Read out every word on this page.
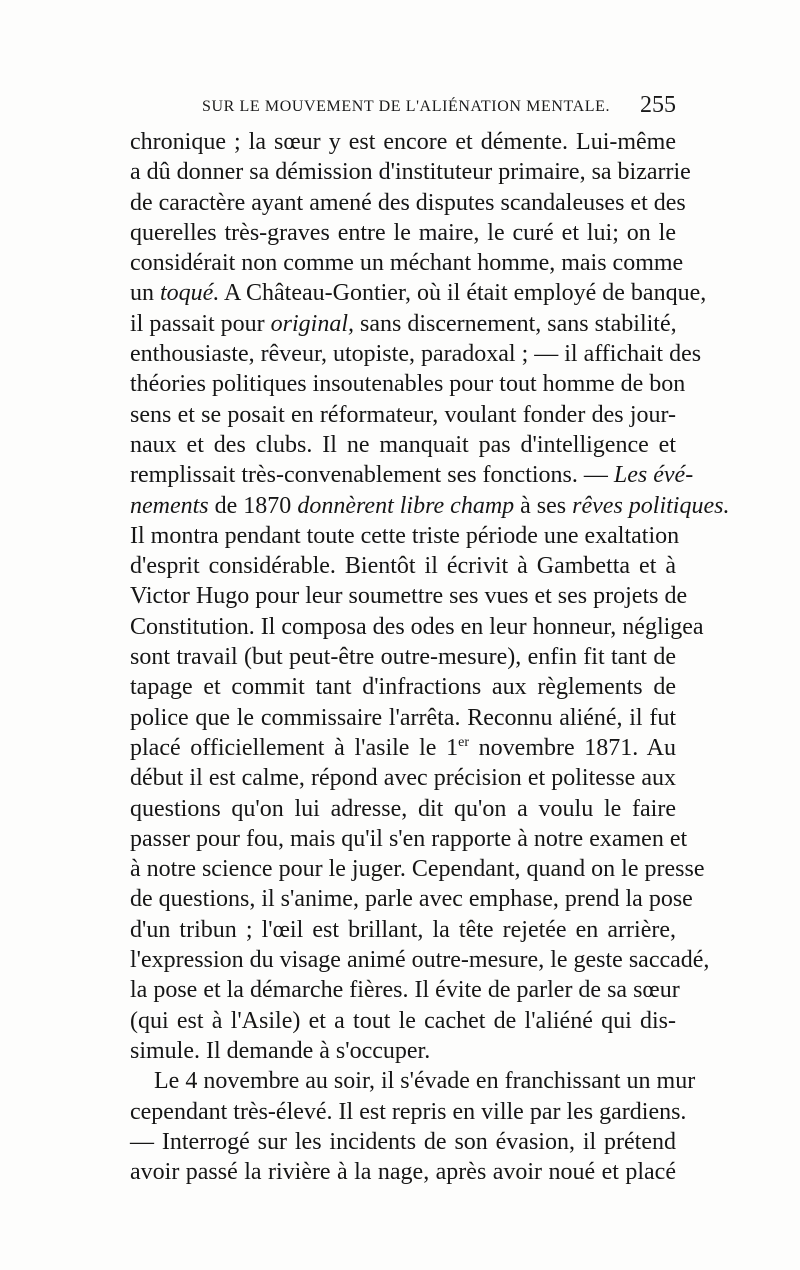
SUR LE MOUVEMENT DE L'ALIÉNATION MENTALE. 255
chronique ; la sœur y est encore et démente. Lui-même
a dû donner sa démission d'instituteur primaire, sa bizarrie
de caractère ayant amené des disputes scandaleuses et des
querelles très-graves entre le maire, le curé et lui; on le
considérait non comme un méchant homme, mais comme
un toqué. A Château-Gontier, où il était employé de banque,
il passait pour original, sans discernement, sans stabilité,
enthousiaste, rêveur, utopiste, paradoxal ; — il affichait des
théories politiques insoutenables pour tout homme de bon
sens et se posait en réformateur, voulant fonder des jour-
naux et des clubs. Il ne manquait pas d'intelligence et
remplissait très-convenablement ses fonctions. — Les évé-
nements de 1870 donnèrent libre champ à ses rêves politiques.
Il montra pendant toute cette triste période une exaltation
d'esprit considérable. Bientôt il écrivit à Gambetta et à
Victor Hugo pour leur soumettre ses vues et ses projets de
Constitution. Il composa des odes en leur honneur, négligea
sont travail (but peut-être outre-mesure), enfin fit tant de
tapage et commit tant d'infractions aux règlements de
police que le commissaire l'arrêta. Reconnu aliéné, il fut
placé officiellement à l'asile le 1er novembre 1871. Au
début il est calme, répond avec précision et politesse aux
questions qu'on lui adresse, dit qu'on a voulu le faire
passer pour fou, mais qu'il s'en rapporte à notre examen et
à notre science pour le juger. Cependant, quand on le presse
de questions, il s'anime, parle avec emphase, prend la pose
d'un tribun ; l'œil est brillant, la tête rejetée en arrière,
l'expression du visage animé outre-mesure, le geste saccadé,
la pose et la démarche fières. Il évite de parler de sa sœur
(qui est à l'Asile) et a tout le cachet de l'aliéné qui dis-
simule. Il demande à s'occuper.
Le 4 novembre au soir, il s'évade en franchissant un mur
cependant très-élevé. Il est repris en ville par les gardiens.
— Interrogé sur les incidents de son évasion, il prétend
avoir passé la rivière à la nage, après avoir noué et placé
